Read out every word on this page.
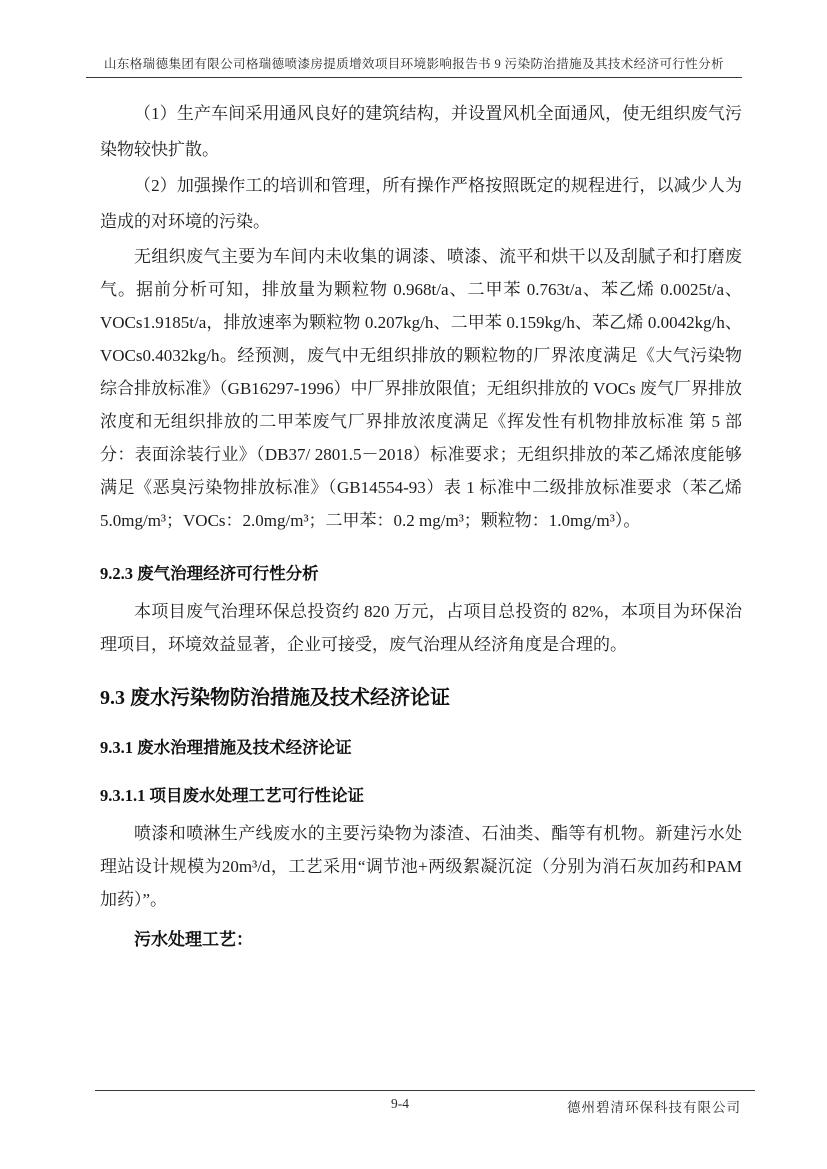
山东格瑞德集团有限公司格瑞德喷漆房提质增效项目环境影响报告书 9 污染防治措施及其技术经济可行性分析

（1）生产车间采用通风良好的建筑结构，并设置风机全面通风，使无组织废气污染物较快扩散。

（2）加强操作工的培训和管理，所有操作严格按照既定的规程进行，以减少人为造成的对环境的污染。

无组织废气主要为车间内未收集的调漆、喷漆、流平和烘干以及刮腻子和打磨废气。据前分析可知，排放量为颗粒物 0.968t/a、二甲苯 0.763t/a、苯乙烯 0.0025t/a、VOCs1.9185t/a，排放速率为颗粒物 0.207kg/h、二甲苯 0.159kg/h、苯乙烯 0.0042kg/h、VOCs0.4032kg/h。经预测，废气中无组织排放的颗粒物的厂界浓度满足《大气污染物综合排放标准》（GB16297-1996）中厂界排放限值；无组织排放的 VOCs 废气厂界排放浓度和无组织排放的二甲苯废气厂界排放浓度满足《挥发性有机物排放标准 第 5 部分：表面涂装行业》（DB37/ 2801.5－2018）标准要求；无组织排放的苯乙烯浓度能够满足《恶臭污染物排放标准》（GB14554-93）表 1 标准中二级排放标准要求（苯乙烯 5.0mg/m³；VOCs：2.0mg/m³；二甲苯：0.2 mg/m³；颗粒物：1.0mg/m³）。

9.2.3 废气治理经济可行性分析

本项目废气治理环保总投资约 820 万元，占项目总投资的 82%，本项目为环保治理项目，环境效益显著，企业可接受，废气治理从经济角度是合理的。

9.3 废水污染物防治措施及技术经济论证
9.3.1 废水治理措施及技术经济论证
9.3.1.1 项目废水处理工艺可行性论证

喷漆和喷淋生产线废水的主要污染物为漆渣、石油类、酯等有机物。新建污水处理站设计规模为20m³/d，工艺采用“调节池+两级絮凝沉淀（分别为消石灰加药和PAM加药）”。

污水处理工艺：

9-4	德州碧清环保科技有限公司
